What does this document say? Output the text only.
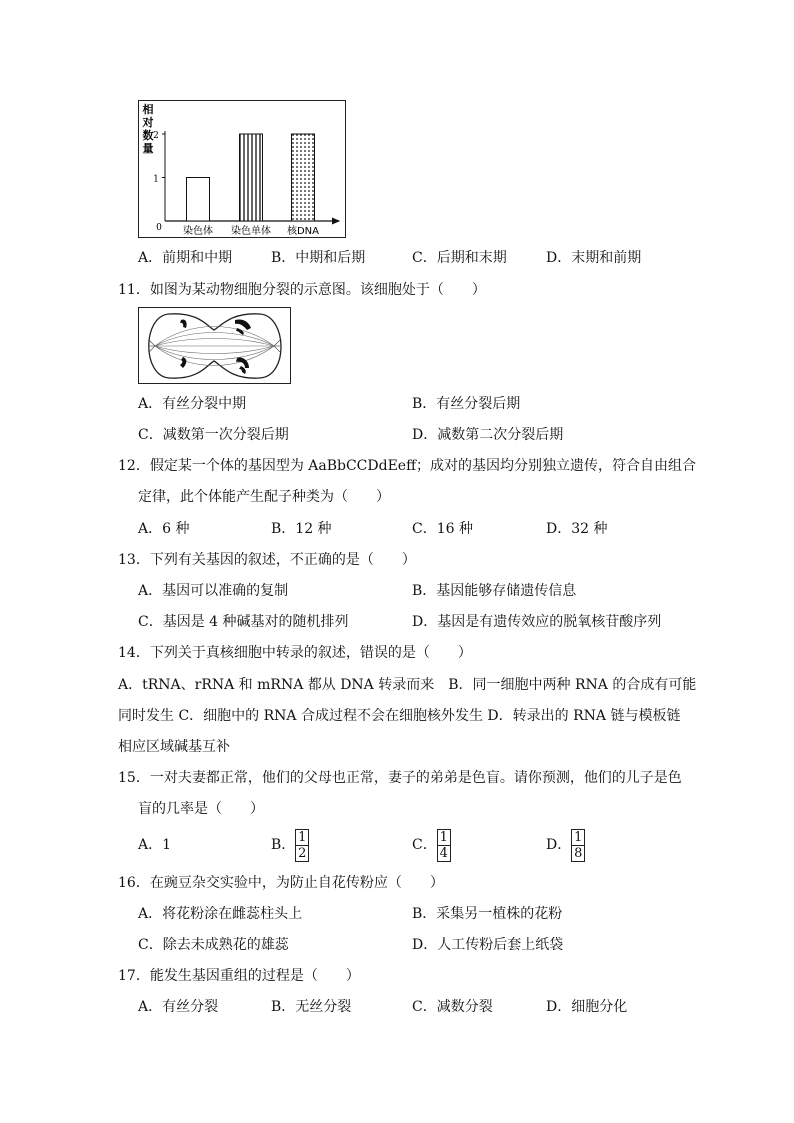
相
对
数
量
0
1
2
染色体 染色单体 核DNA
A．前期和中期	B．中期和后期	C．后期和末期	D．末期和前期
11．如图为某动物细胞分裂的示意图。该细胞处于（　　）
A．有丝分裂中期	B．有丝分裂后期
C．减数第一次分裂后期	D．减数第二次分裂后期
12．假定某一个体的基因型为 AaBbCCDdEeff；成对的基因均分别独立遗传，符合自由组合
定律，此个体能产生配子种类为（　　）
A．6 种	B．12 种	C．16 种	D．32 种
13．下列有关基因的叙述，不正确的是（　　）
A．基因可以准确的复制	B．基因能够存储遗传信息
C．基因是 4 种碱基对的随机排列	D．基因是有遗传效应的脱氧核苷酸序列
14．下列关于真核细胞中转录的叙述，错误的是（　　）
A．tRNA、rRNA 和 mRNA 都从 DNA 转录而来　B．同一细胞中两种 RNA 的合成有可能
同时发生 C．细胞中的 RNA 合成过程不会在细胞核外发生 D．转录出的 RNA 链与模板链
相应区域碱基互补
15．一对夫妻都正常，他们的父母也正常，妻子的弟弟是色盲。请你预测，他们的儿子是色
盲的几率是（　　）
A．1	B． $\frac{1}{2}$	C． $\frac{1}{4}$	D． $\frac{1}{8}$
16．在豌豆杂交实验中，为防止自花传粉应（　　）
A．将花粉涂在雌蕊柱头上	B．采集另一植株的花粉
C．除去未成熟花的雄蕊	D．人工传粉后套上纸袋
17．能发生基因重组的过程是（　　）
A．有丝分裂	B．无丝分裂	C．减数分裂	D．细胞分化
